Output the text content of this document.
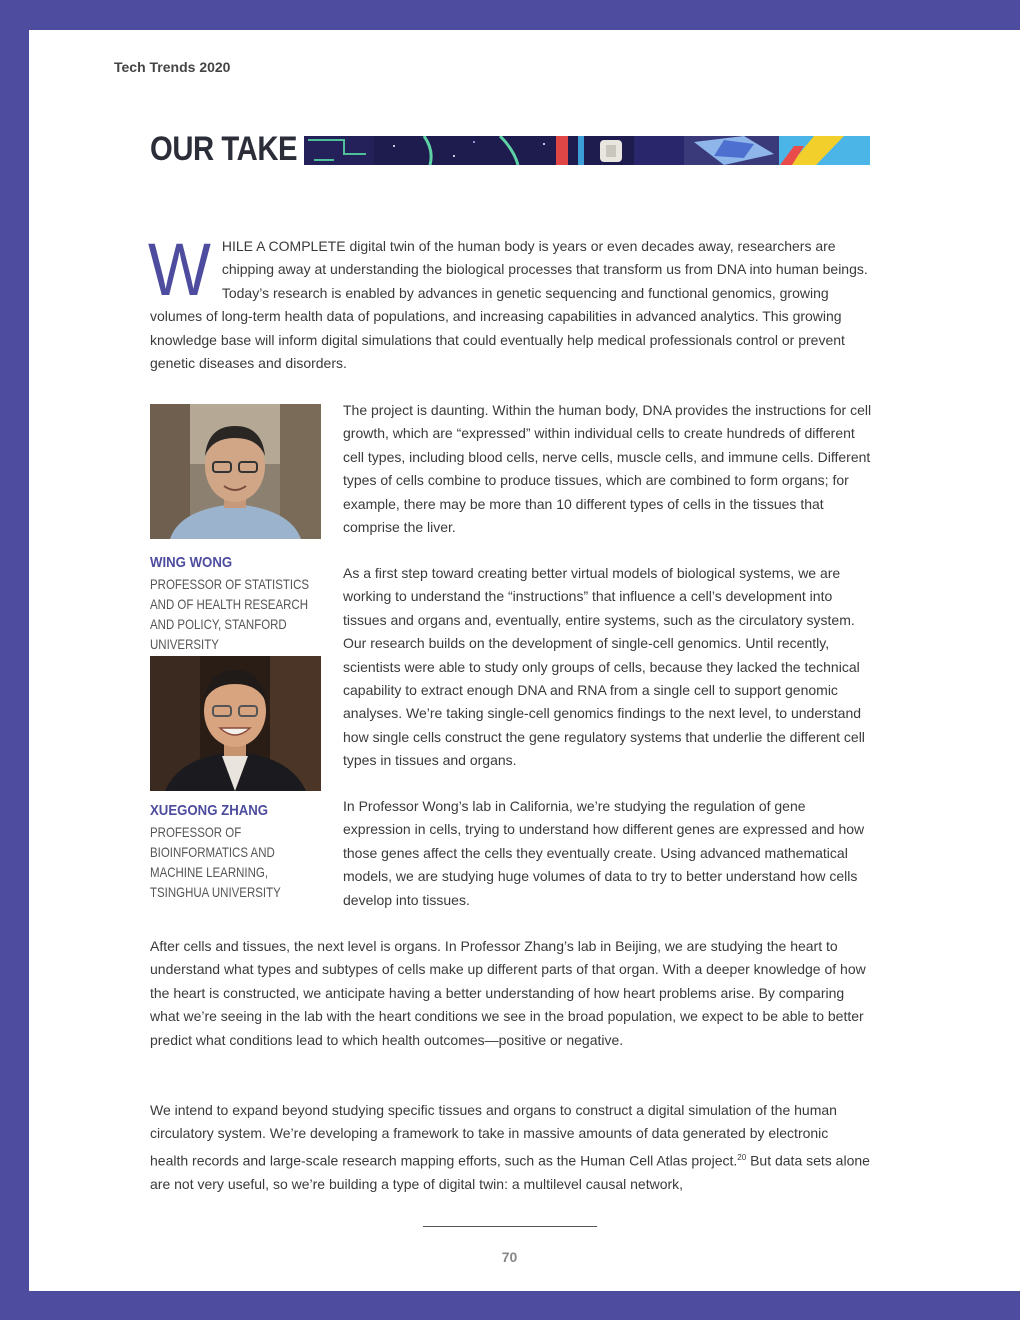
Tech Trends 2020
OUR TAKE
W HILE A COMPLETE digital twin of the human body is years or even decades away, researchers are chipping away at understanding the biological processes that transform us from DNA into human beings. Today’s research is enabled by advances in genetic sequencing and functional genomics, growing volumes of long-term health data of populations, and increasing capabilities in advanced analytics. This growing knowledge base will inform digital simulations that could eventually help medical professionals control or prevent genetic diseases and disorders.

WING WONG
PROFESSOR OF STATISTICS AND OF HEALTH RESEARCH AND POLICY, STANFORD UNIVERSITY
XUEGONG ZHANG
PROFESSOR OF BIOINFORMATICS AND MACHINE LEARNING, TSINGHUA UNIVERSITY

The project is daunting. Within the human body, DNA provides the instructions for cell growth, which are “expressed” within individual cells to create hundreds of different cell types, including blood cells, nerve cells, muscle cells, and immune cells. Different types of cells combine to produce tissues, which are combined to form organs; for example, there may be more than 10 different types of cells in the tissues that comprise the liver.

As a first step toward creating better virtual models of biological systems, we are working to understand the “instructions” that influence a cell’s development into tissues and organs and, eventually, entire systems, such as the circulatory system. Our research builds on the development of single-cell genomics. Until recently, scientists were able to study only groups of cells, because they lacked the technical capability to extract enough DNA and RNA from a single cell to support genomic analyses. We’re taking single-cell genomics findings to the next level, to understand how single cells construct the gene regulatory systems that underlie the different cell types in tissues and organs.

In Professor Wong’s lab in California, we’re studying the regulation of gene expression in cells, trying to understand how different genes are expressed and how those genes affect the cells they eventually create. Using advanced mathematical models, we are studying huge volumes of data to try to better understand how cells develop into tissues.

After cells and tissues, the next level is organs. In Professor Zhang’s lab in Beijing, we are studying the heart to understand what types and subtypes of cells make up different parts of that organ. With a deeper knowledge of how the heart is constructed, we anticipate having a better understanding of how heart problems arise. By comparing what we’re seeing in the lab with the heart conditions we see in the broad population, we expect to be able to better predict what conditions lead to which health outcomes—positive or negative.

We intend to expand beyond studying specific tissues and organs to construct a digital simulation of the human circulatory system. We’re developing a framework to take in massive amounts of data generated by electronic health records and large-scale research mapping efforts, such as the Human Cell Atlas project.$^{20}$ But data sets alone are not very useful, so we’re building a type of digital twin: a multilevel causal network,

70
